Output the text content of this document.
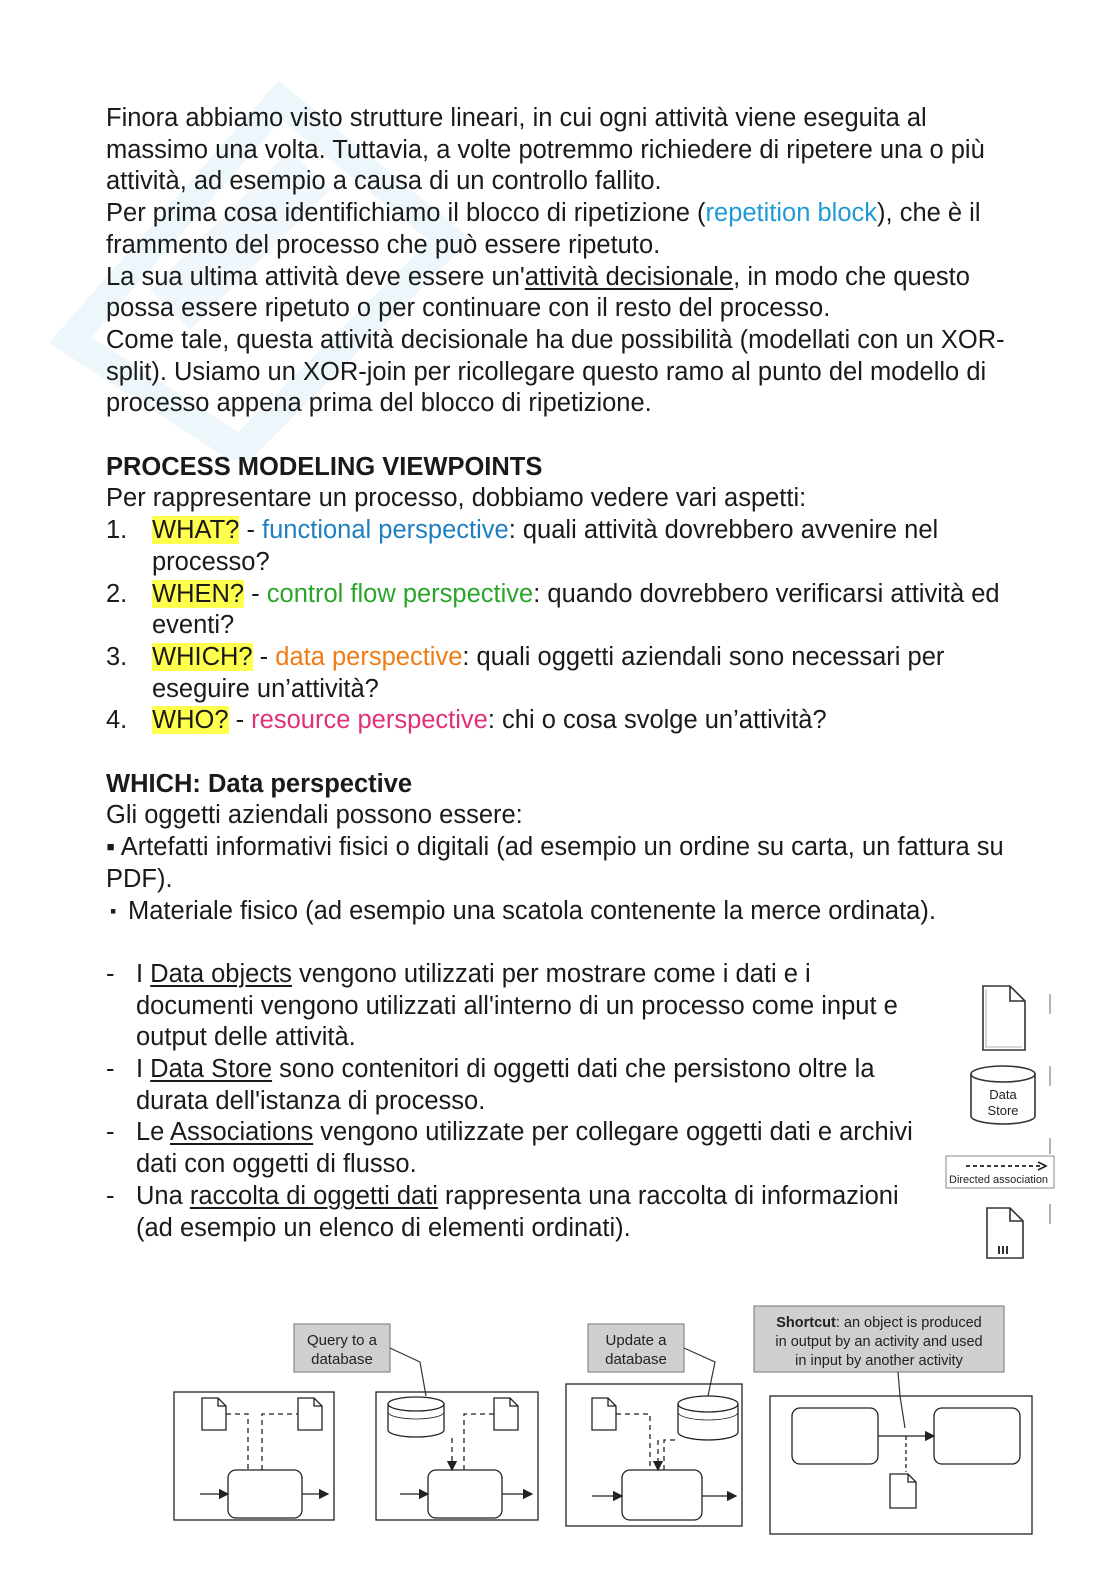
Finora abbiamo visto strutture lineari, in cui ogni attività viene eseguita al massimo una volta. Tuttavia, a volte potremmo richiedere di ripetere una o più attività, ad esempio a causa di un controllo fallito.

Per prima cosa identifichiamo il blocco di ripetizione (repetition block), che è il frammento del processo che può essere ripetuto.

La sua ultima attività deve essere un'attività decisionale, in modo che questo possa essere ripetuto o per continuare con il resto del processo.

Come tale, questa attività decisionale ha due possibilità (modellati con un XOR-split). Usiamo un XOR-join per ricollegare questo ramo al punto del modello di processo appena prima del blocco di ripetizione.

PROCESS MODELING VIEWPOINTS
Per rappresentare un processo, dobbiamo vedere vari aspetti:
1. WHAT? - functional perspective: quali attività dovrebbero avvenire nel processo?
2. WHEN? - control flow perspective: quando dovrebbero verificarsi attività ed eventi?
3. WHICH? - data perspective: quali oggetti aziendali sono necessari per eseguire un’attività?
4. WHO? - resource perspective: chi o cosa svolge un’attività?
WHICH: Data perspective
Gli oggetti aziendali possono essere:
▪ Artefatti informativi fisici o digitali (ad esempio un ordine su carta, un fattura su PDF).
▪ Materiale fisico (ad esempio una scatola contenente la merce ordinata).
- I Data objects vengono utilizzati per mostrare come i dati e i documenti vengono utilizzati all'interno di un processo come input e output delle attività.
- I Data Store sono contenitori di oggetti dati che persistono oltre la durata dell'istanza di processo.
- Le Associations vengono utilizzate per collegare oggetti dati e archivi dati con oggetti di flusso.
- Una raccolta di oggetti dati rappresenta una raccolta di informazioni (ad esempio un elenco di elementi ordinati).
Data
Store
Directed association
Query to a
database
Update a
database
Shortcut: an object is produced
in output by an activity and used
in input by another activity
